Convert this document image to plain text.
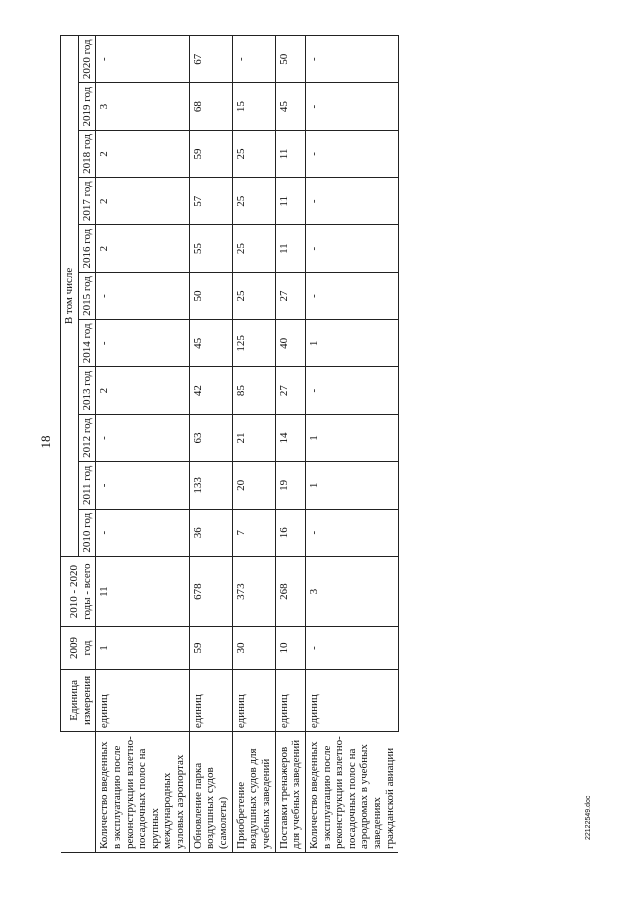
18
	Единица измерения	2009 год	2010 - 2020 годы - всего	В том числе										
				2010 год	2011 год	2012 год	2013 год	2014 год	2015 год	2016 год	2017 год	2018 год	2019 год	2020 год
Количество введенных в эксплуатацию после реконструкции взлетно-посадочных полос на крупных международных узловых аэропортах	единиц	1	11	-	-	-	2	-	-	2	2	2	3	-
Обновление парка воздушных судов (самолеты)	единиц	59	678	36	133	63	42	45	50	55	57	59	68	67
Приобретение воздушных судов для учебных заведений	единиц	30	373	7	20	21	85	125	25	25	25	25	15	-
Поставки тренажеров для учебных заведений	единиц	10	268	16	19	14	27	40	27	11	11	11	45	50
Количество введенных в эксплуатацию после реконструкции взлетно-посадочных полос на аэродромах в учебных заведениях гражданской авиации	единиц	-	3	-	1	1	-	1	-	-	-	-	-	-
22122549.doc
